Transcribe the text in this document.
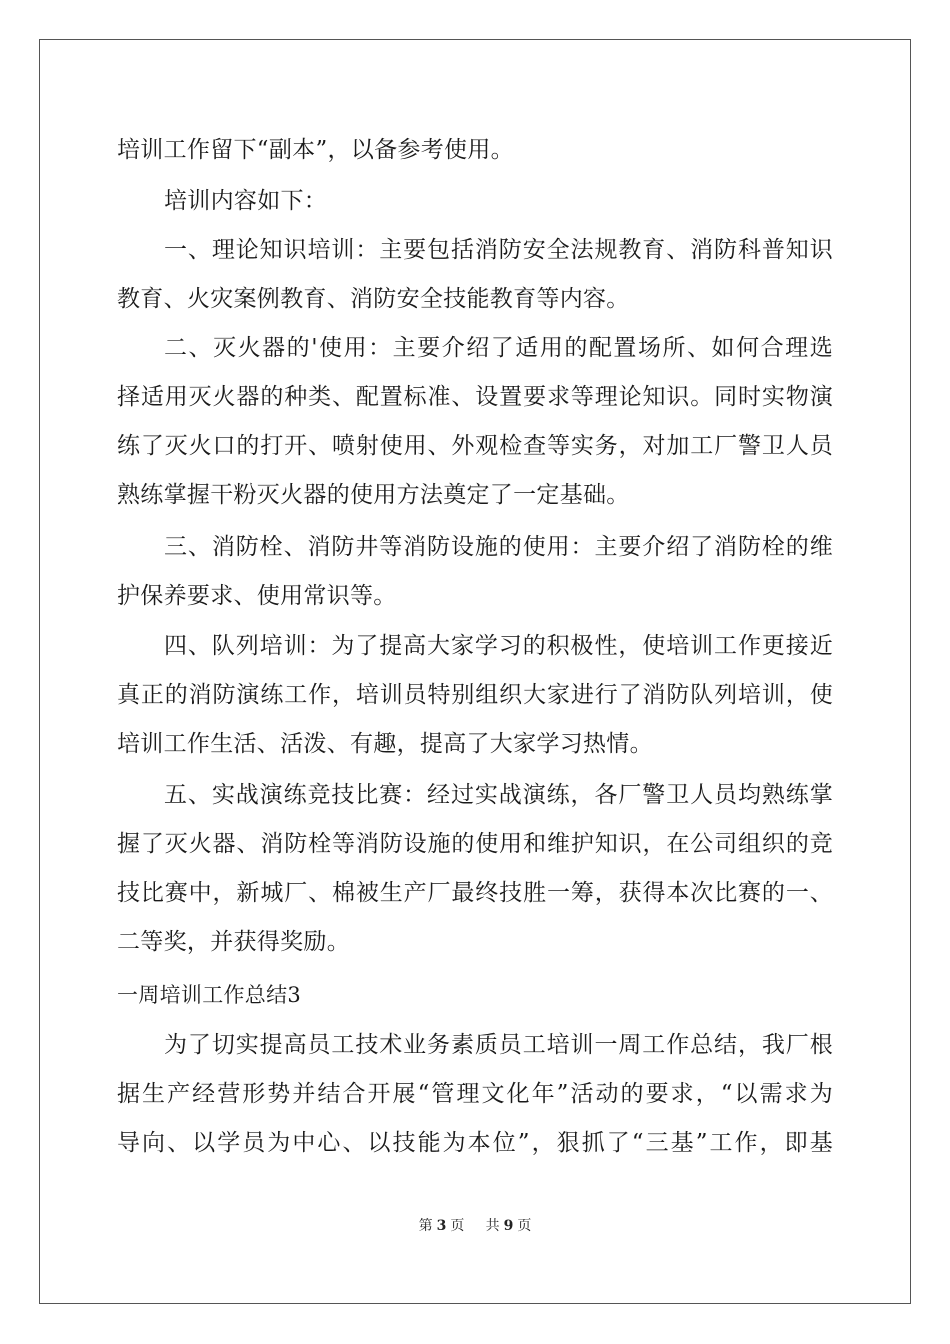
培训工作留下“副本”，以备参考使用。
培训内容如下：
一、理论知识培训：主要包括消防安全法规教育、消防科普知识
教育、火灾案例教育、消防安全技能教育等内容。
二、灭火器的'使用：主要介绍了适用的配置场所、如何合理选
择适用灭火器的种类、配置标准、设置要求等理论知识。同时实物演
练了灭火口的打开、喷射使用、外观检查等实务，对加工厂警卫人员
熟练掌握干粉灭火器的使用方法奠定了一定基础。
三、消防栓、消防井等消防设施的使用：主要介绍了消防栓的维
护保养要求、使用常识等。
四、队列培训：为了提高大家学习的积极性，使培训工作更接近
真正的消防演练工作，培训员特别组织大家进行了消防队列培训，使
培训工作生活、活泼、有趣，提高了大家学习热情。
五、实战演练竞技比赛：经过实战演练，各厂警卫人员均熟练掌
握了灭火器、消防栓等消防设施的使用和维护知识，在公司组织的竞
技比赛中，新城厂、棉被生产厂最终技胜一筹，获得本次比赛的一、
二等奖，并获得奖励。
一周培训工作总结3
为了切实提高员工技术业务素质员工培训一周工作总结，我厂根
据生产经营形势并结合开展“管理文化年”活动的要求，“以需求为
导向、以学员为中心、以技能为本位”，狠抓了“三基”工作，即基
第 3 页 共 9 页
